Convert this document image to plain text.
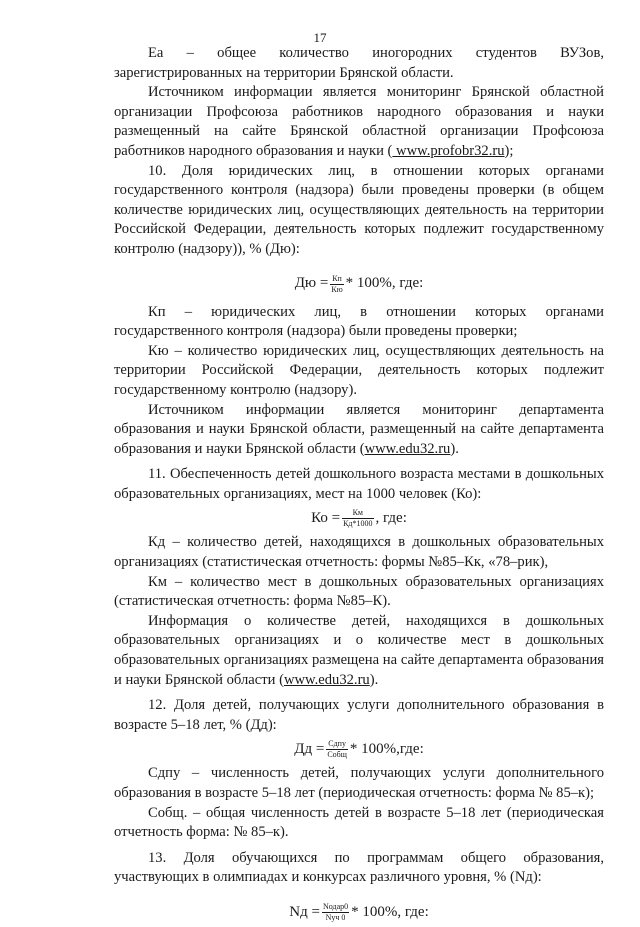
17

Еа – общее количество иногородних студентов ВУЗов, зарегистрированных на территории Брянской области.

Источником информации является мониторинг Брянской областной организации Профсоюза работников народного образования и науки размещенный на сайте Брянской областной организации Профсоюза работников народного образования и науки ( www.profobr32.ru);

10. Доля юридических лиц, в отношении которых органами государственного контроля (надзора) были проведены проверки (в общем количестве юридических лиц, осуществляющих деятельность на территории Российской Федерации, деятельность которых подлежит государственному контролю (надзору)), % (Дю):

Дю = $\frac{Кп}{Кю} * 100\%$, где:

Кп – юридических лиц, в отношении которых органами государственного контроля (надзора) были проведены проверки;

Кю – количество юридических лиц, осуществляющих деятельность на территории Российской Федерации, деятельность которых подлежит государственному контролю (надзору).

Источником информации является мониторинг департамента образования и науки Брянской области, размещенный на сайте департамента образования и науки Брянской области (www.edu32.ru).

11. Обеспеченность детей дошкольного возраста местами в дошкольных образовательных организациях, мест на 1000 человек (Ко):

Ко = $\frac{Км}{Кд*1000}$ , где:

Кд – количество детей, находящихся в дошкольных образовательных организациях (статистическая отчетность: формы №85–Кк, «78–рик),

Км – количество мест в дошкольных образовательных организациях (статистическая отчетность: форма №85–К).

Информация о количестве детей, находящихся в дошкольных образовательных организациях и о количестве мест в дошкольных образовательных организациях размещена на сайте департамента образования и науки Брянской области (www.edu32.ru).

12. Доля детей, получающих услуги дополнительного образования в возрасте 5–18 лет, % (Дд):

Дд = $\frac{\text{Сдпу}}{\text{Собщ}} * 100\%,где$:

Сдпу – численность детей, получающих услуги дополнительного образования в возрасте 5–18 лет (периодическая отчетность: форма № 85–к);

Собщ. – общая численность детей в возрасте 5–18 лет (периодическая отчетность форма: № 85–к).

13. Доля обучающихся по программам общего образования, участвующих в олимпиадах и конкурсах различного уровня, % (Nд):

Nд = $\frac{\text{Nодар0}}{\text{Nуч 0}} * 100\%$, где:
